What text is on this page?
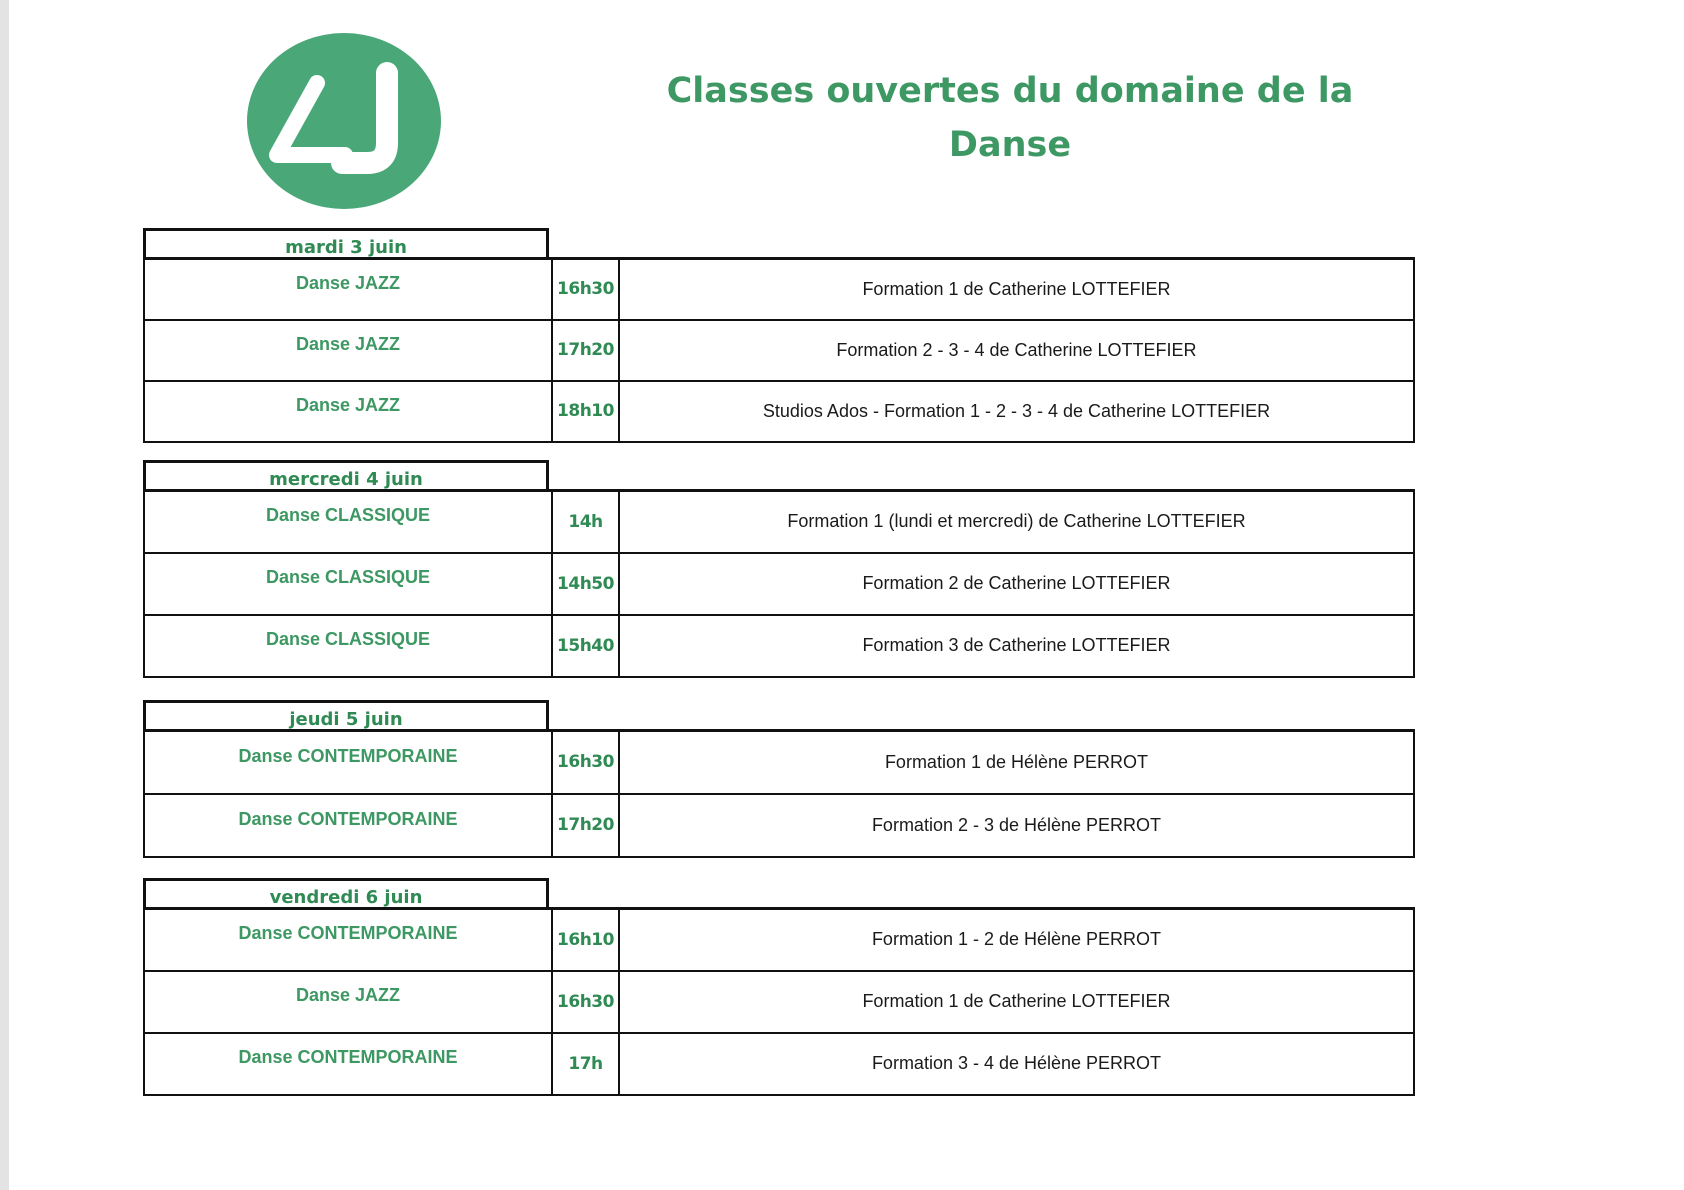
Classes ouvertes du domaine de la Danse
mardi 3 juin
Danse JAZZ	16h30	Formation 1 de Catherine LOTTEFIER
Danse JAZZ	17h20	Formation 2 - 3 - 4 de Catherine LOTTEFIER
Danse JAZZ	18h10	Studios Ados - Formation 1 - 2 - 3 - 4 de Catherine LOTTEFIER
mercredi 4 juin
Danse CLASSIQUE	14h	Formation 1 (lundi et mercredi) de Catherine LOTTEFIER
Danse CLASSIQUE	14h50	Formation 2 de Catherine LOTTEFIER
Danse CLASSIQUE	15h40	Formation 3 de Catherine LOTTEFIER
jeudi 5 juin
Danse CONTEMPORAINE	16h30	Formation 1 de Hélène PERROT
Danse CONTEMPORAINE	17h20	Formation 2 - 3 de Hélène PERROT
vendredi 6 juin
Danse CONTEMPORAINE	16h10	Formation 1 - 2 de Hélène PERROT
Danse JAZZ	16h30	Formation 1 de Catherine LOTTEFIER
Danse CONTEMPORAINE	17h	Formation 3 - 4 de Hélène PERROT
